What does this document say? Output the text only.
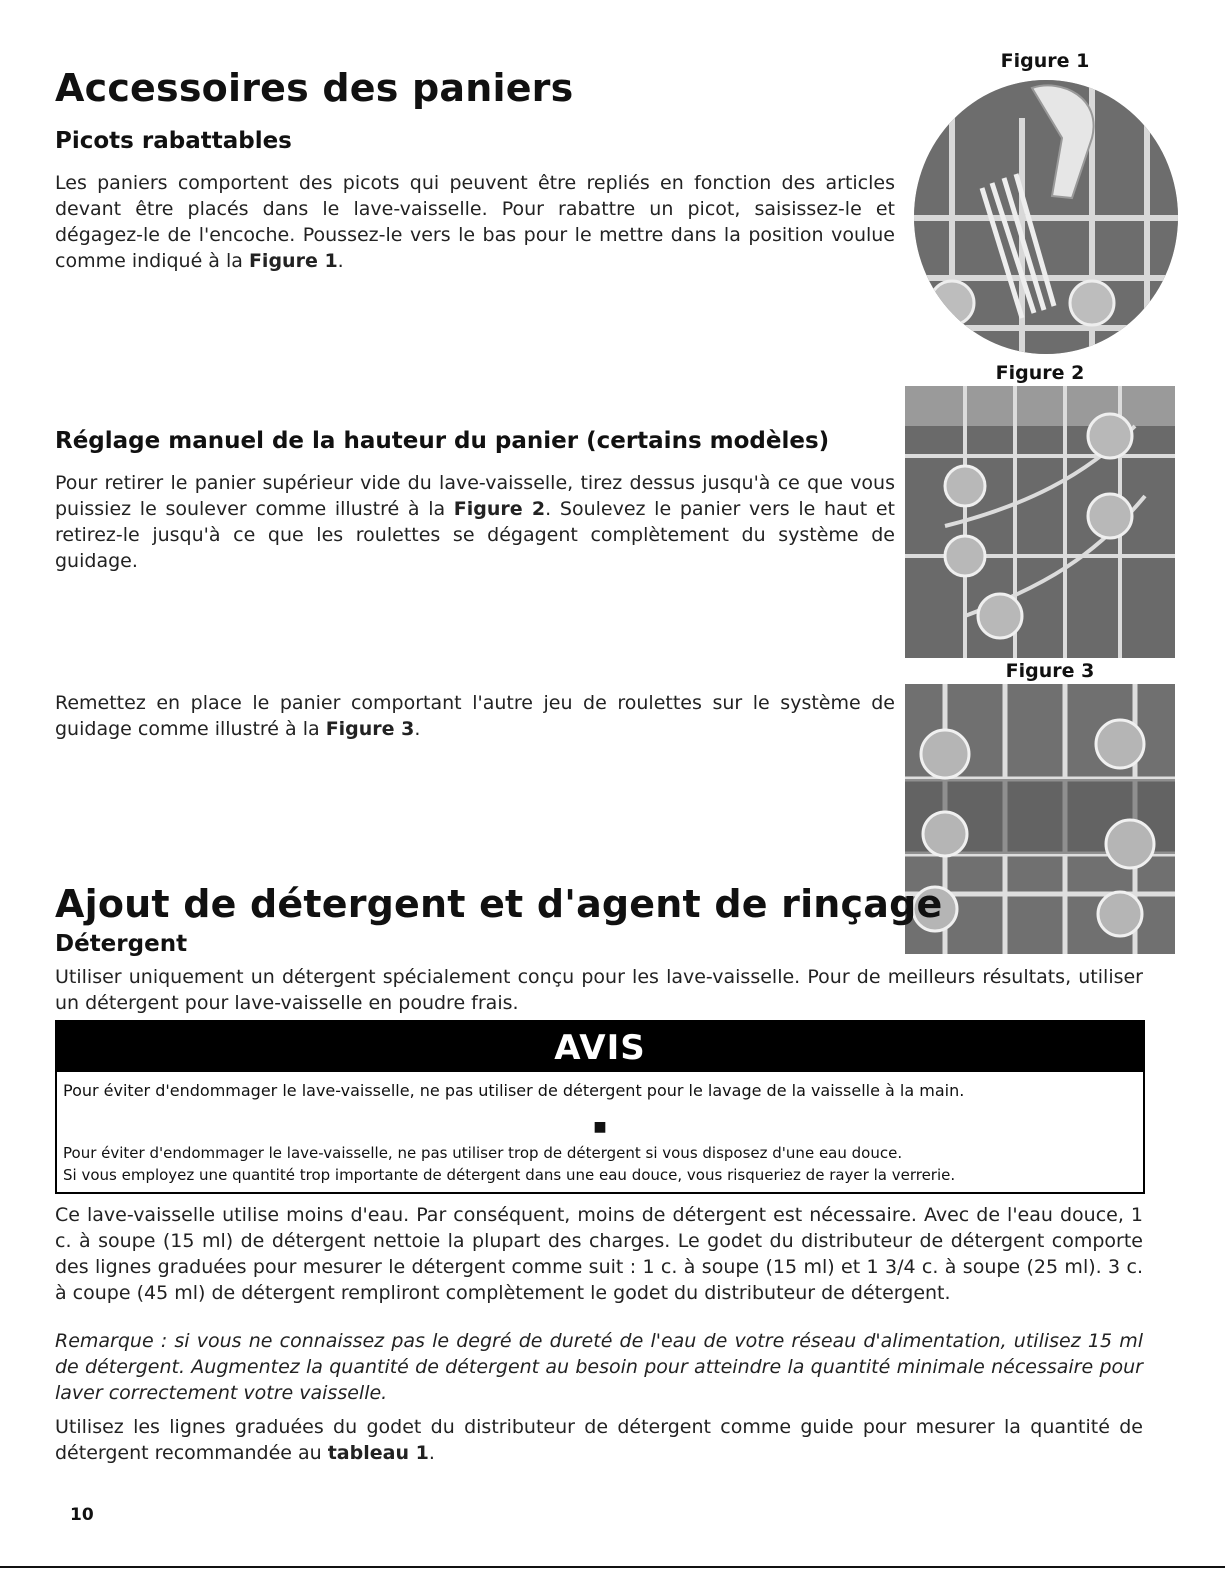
Accessoires des paniers
Picots rabattables

Les paniers comportent des picots qui peuvent être repliés en fonction des articles devant être placés dans le lave-vaisselle. Pour rabattre un picot, saisissez-le et dégagez-le de l'encoche. Poussez-le vers le bas pour le mettre dans la position voulue comme indiqué à la Figure 1.

Réglage manuel de la hauteur du panier (certains modèles)

Pour retirer le panier supérieur vide du lave-vaisselle, tirez dessus jusqu'à ce que vous puissiez le soulever comme illustré à la Figure 2. Soulevez le panier vers le haut et retirez-le jusqu'à ce que les roulettes se dégagent complètement du système de guidage.

Remettez en place le panier comportant l'autre jeu de roulettes sur le système de guidage comme illustré à la Figure 3.

Figure 1
Figure 2
Figure 3
Ajout de détergent et d'agent de rinçage
Détergent

Utiliser uniquement un détergent spécialement conçu pour les lave-vaisselle. Pour de meilleurs résultats, utiliser un détergent pour lave-vaisselle en poudre frais.

AVIS
Pour éviter d'endommager le lave-vaisselle, ne pas utiliser de détergent pour le lavage de la vaisselle à la main.
■
Pour éviter d'endommager le lave-vaisselle, ne pas utiliser trop de détergent si vous disposez d'une eau douce.
Si vous employez une quantité trop importante de détergent dans une eau douce, vous risqueriez de rayer la verrerie.

Ce lave-vaisselle utilise moins d'eau. Par conséquent, moins de détergent est nécessaire. Avec de l'eau douce, 1 c. à soupe (15 ml) de détergent nettoie la plupart des charges. Le godet du distributeur de détergent comporte des lignes graduées pour mesurer le détergent comme suit : 1 c. à soupe (15 ml) et 1 3/4 c. à soupe (25 ml). 3 c. à coupe (45 ml) de détergent rempliront complètement le godet du distributeur de détergent.

Remarque : si vous ne connaissez pas le degré de dureté de l'eau de votre réseau d'alimentation, utilisez 15 ml de détergent. Augmentez la quantité de détergent au besoin pour atteindre la quantité minimale nécessaire pour laver correctement votre vaisselle.

Utilisez les lignes graduées du godet du distributeur de détergent comme guide pour mesurer la quantité de détergent recommandée au tableau 1.

10
